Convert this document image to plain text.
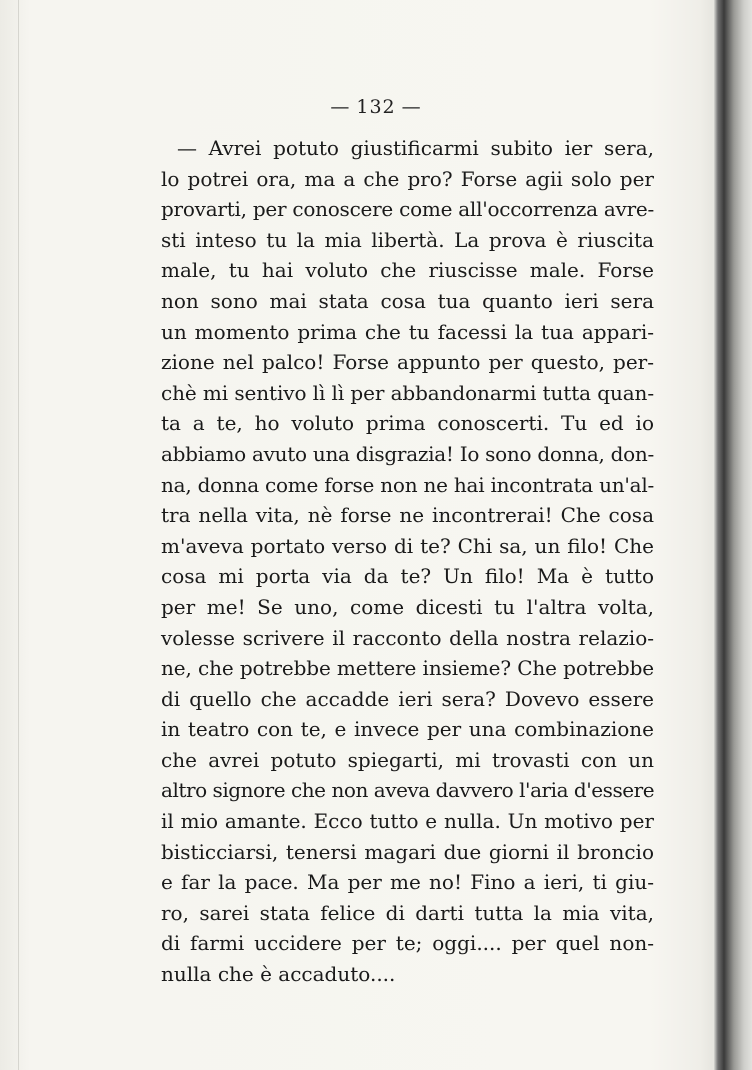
— 132 —
— Avrei potuto giustificarmi subito ier sera,
lo potrei ora, ma a che pro? Forse agii solo per
provarti, per conoscere come all'occorrenza avre-
sti inteso tu la mia libertà. La prova è riuscita
male, tu hai voluto che riuscisse male. Forse
non sono mai stata cosa tua quanto ieri sera
un momento prima che tu facessi la tua appari-
zione nel palco! Forse appunto per questo, per-
chè mi sentivo lì lì per abbandonarmi tutta quan-
ta a te, ho voluto prima conoscerti. Tu ed io
abbiamo avuto una disgrazia! Io sono donna, don-
na, donna come forse non ne hai incontrata un'al-
tra nella vita, nè forse ne incontrerai! Che cosa
m'aveva portato verso di te? Chi sa, un filo! Che
cosa mi porta via da te? Un filo! Ma è tutto
per me! Se uno, come dicesti tu l'altra volta,
volesse scrivere il racconto della nostra relazio-
ne, che potrebbe mettere insieme? Che potrebbe
di quello che accadde ieri sera? Dovevo essere
in teatro con te, e invece per una combinazione
che avrei potuto spiegarti, mi trovasti con un
altro signore che non aveva davvero l'aria d'essere
il mio amante. Ecco tutto e nulla. Un motivo per
bisticciarsi, tenersi magari due giorni il broncio
e far la pace. Ma per me no! Fino a ieri, ti giu-
ro, sarei stata felice di darti tutta la mia vita,
di farmi uccidere per te; oggi.... per quel non-
nulla che è accaduto....
